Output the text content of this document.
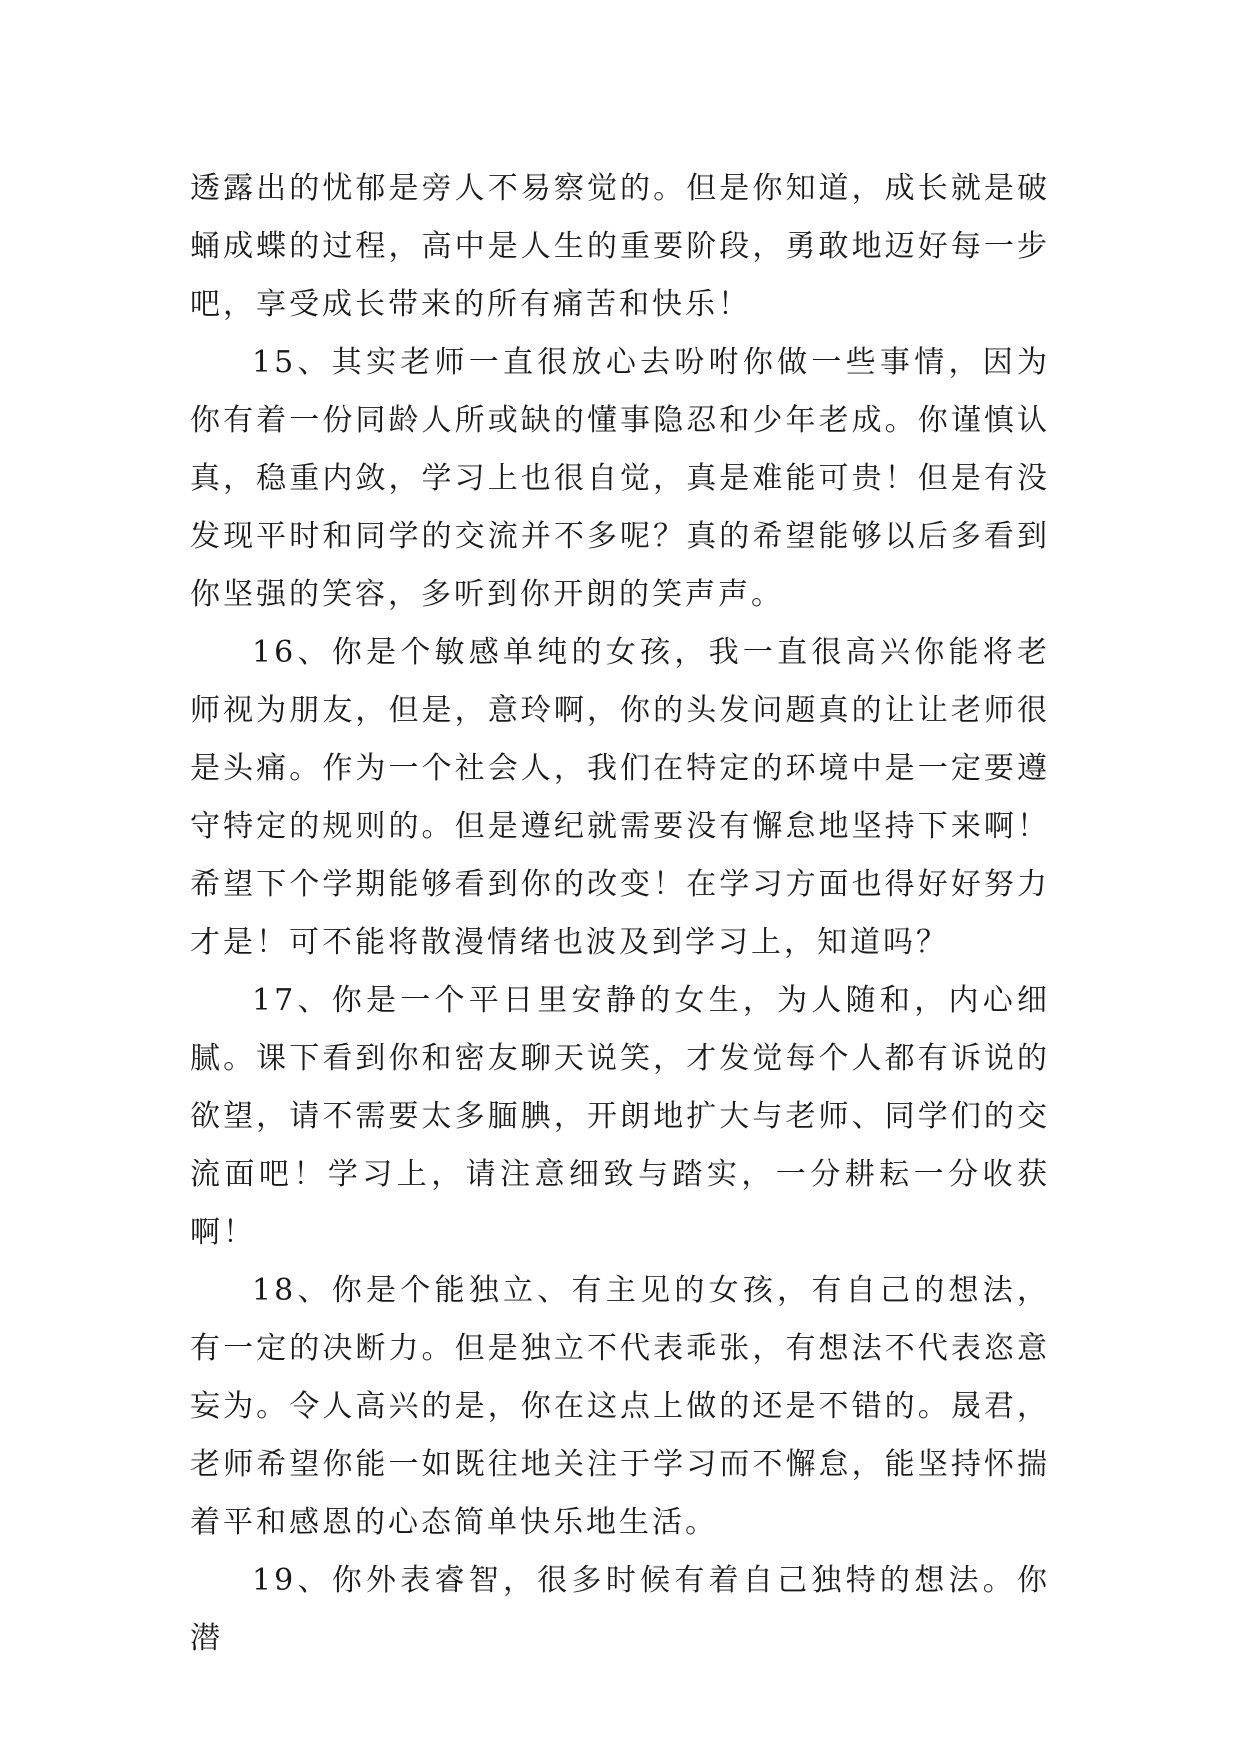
透露出的忧郁是旁人不易察觉的。但是你知道，成长就是破蛹成蝶的过程，高中是人生的重要阶段，勇敢地迈好每一步吧，享受成长带来的所有痛苦和快乐！

15、其实老师一直很放心去吩咐你做一些事情，因为你有着一份同龄人所或缺的懂事隐忍和少年老成。你谨慎认真，稳重内敛，学习上也很自觉，真是难能可贵！但是有没发现平时和同学的交流并不多呢？真的希望能够以后多看到你坚强的笑容，多听到你开朗的笑声声。

16、你是个敏感单纯的女孩，我一直很高兴你能将老师视为朋友，但是，意玲啊，你的头发问题真的让让老师很是头痛。作为一个社会人，我们在特定的环境中是一定要遵守特定的规则的。但是遵纪就需要没有懈怠地坚持下来啊！希望下个学期能够看到你的改变！在学习方面也得好好努力才是！可不能将散漫情绪也波及到学习上，知道吗？

17、你是一个平日里安静的女生，为人随和，内心细腻。课下看到你和密友聊天说笑，才发觉每个人都有诉说的欲望，请不需要太多腼腆，开朗地扩大与老师、同学们的交流面吧！学习上，请注意细致与踏实，一分耕耘一分收获啊！

18、你是个能独立、有主见的女孩，有自己的想法，有一定的决断力。但是独立不代表乖张，有想法不代表恣意妄为。令人高兴的是，你在这点上做的还是不错的。晟君，老师希望你能一如既往地关注于学习而不懈怠，能坚持怀揣着平和感恩的心态简单快乐地生活。

19、你外表睿智，很多时候有着自己独特的想法。你潜
